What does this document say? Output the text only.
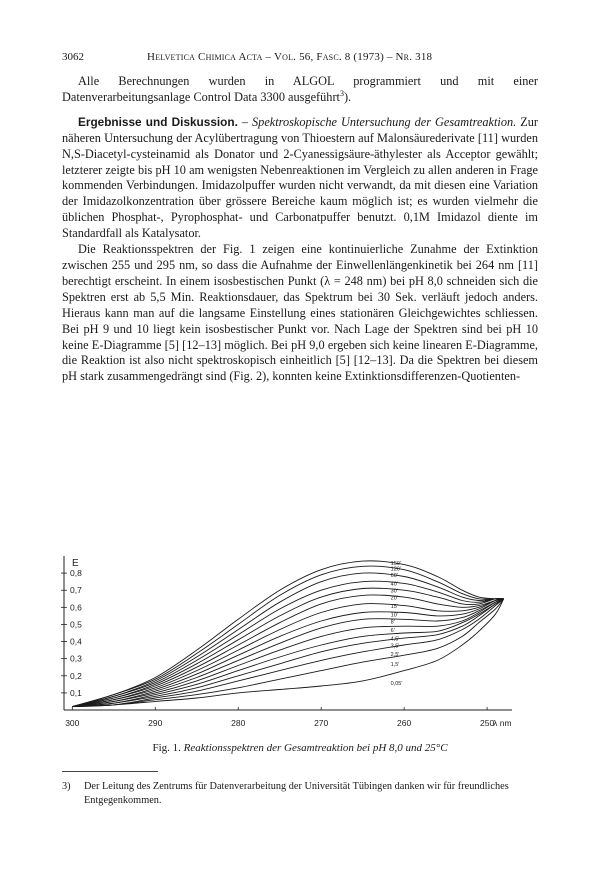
3062	Helvetica Chimica Acta – Vol. 56, Fasc. 8 (1973) – Nr. 318

Alle Berechnungen wurden in ALGOL programmiert und mit einer Datenverarbeitungsanlage Control Data 3300 ausgeführt$^3$).

Ergebnisse und Diskussion. – Spektroskopische Untersuchung der Gesamtreaktion. Zur näheren Untersuchung der Acylübertragung von Thioestern auf Malonsäurederivate [11] wurden N,S-Diacetyl-cysteinamid als Donator und 2-Cyanessigsäure-äthylester als Acceptor gewählt; letzterer zeigte bis pH 10 am wenigsten Nebenreaktionen im Vergleich zu allen anderen in Frage kommenden Verbindungen. Imidazolpuffer wurden nicht verwandt, da mit diesen eine Variation der Imidazolkonzentration über grössere Bereiche kaum möglich ist; es wurden vielmehr die üblichen Phosphat-, Pyrophosphat- und Carbonatpuffer benutzt. 0,1M Imidazol diente im Standardfall als Katalysator.

Die Reaktionsspektren der Fig. 1 zeigen eine kontinuierliche Zunahme der Extinktion zwischen 255 und 295 nm, so dass die Aufnahme der Einwellenlängenkinetik bei 264 nm [11] berechtigt erscheint. In einem isosbestischen Punkt (λ = 248 nm) bei pH 8,0 schneiden sich die Spektren erst ab 5,5 Min. Reaktionsdauer, das Spektrum bei 30 Sek. verläuft jedoch anders. Hieraus kann man auf die langsame Einstellung eines stationären Gleichgewichtes schliessen. Bei pH 9 und 10 liegt kein isosbestischer Punkt vor. Nach Lage der Spektren sind bei pH 10 keine E-Diagramme [5] [12–13] möglich. Bei pH 9,0 ergeben sich keine linearen E-Diagramme, die Reaktion ist also nicht spektroskopisch einheitlich [5] [12–13]. Da die Spektren bei diesem pH stark zusammengedrängt sind (Fig. 2), konnten keine Extinktionsdifferenzen-Quotienten-

E
0,1
0,2
0,3
0,4
0,5
0,6
0,7
0,8
300	290	280	270	260	250
λ nm
0,05'
1,5'
2,5'
3,5'
4,5'
6'
8'
10'
15'
20'
30'
40'
60'
120'
150'
Fig. 1. Reaktionsspektren der Gesamtreaktion bei pH 8,0 und 25°C
3) Der Leitung des Zentrums für Datenverarbeitung der Universität Tübingen danken wir für freundliches Entgegenkommen.
